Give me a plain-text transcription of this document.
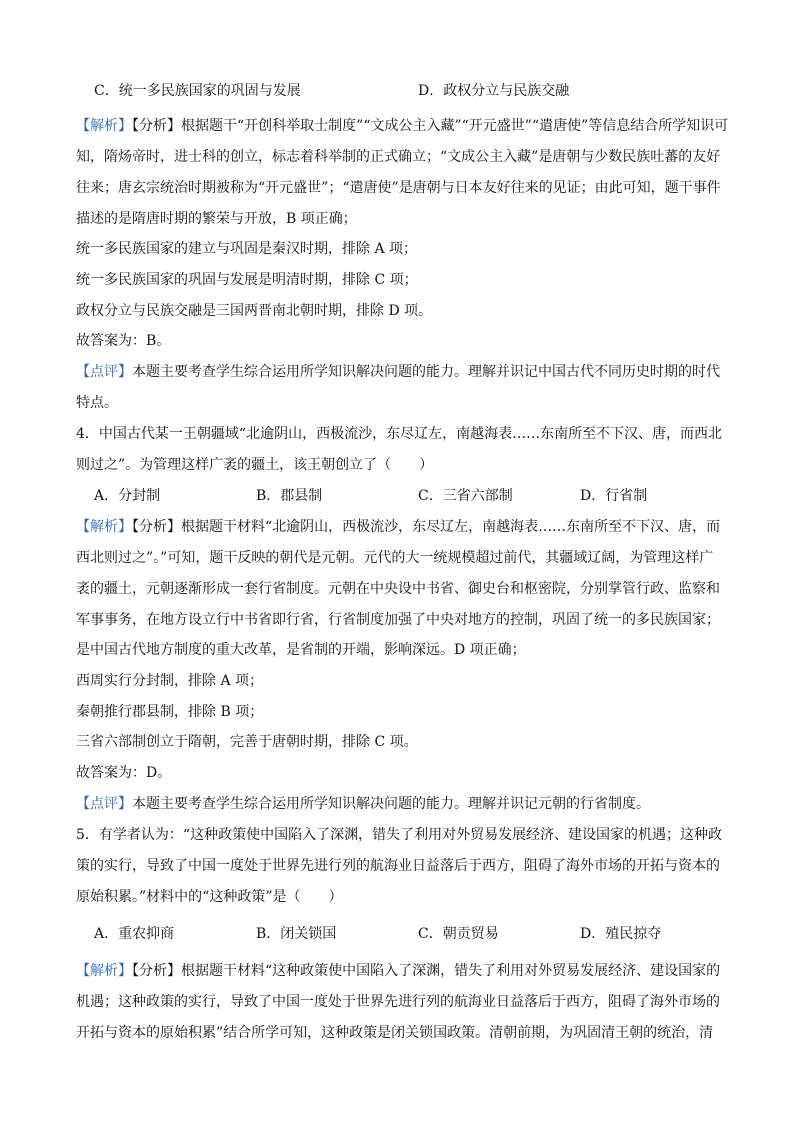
C．统一多民族国家的巩固与发展	D．政权分立与民族交融
【解析】【分析】根据题干“开创科举取士制度”“文成公主入藏”“开元盛世”“遣唐使”等信息结合所学知识可
知，隋炀帝时，进士科的创立，标志着科举制的正式确立；“文成公主入藏”是唐朝与少数民族吐蕃的友好
往来；唐玄宗统治时期被称为“开元盛世”；“遣唐使”是唐朝与日本友好往来的见证；由此可知，题干事件
描述的是隋唐时期的繁荣与开放，B 项正确；
统一多民族国家的建立与巩固是秦汉时期，排除 A 项；
统一多民族国家的巩固与发展是明清时期，排除 C 项；
政权分立与民族交融是三国两晋南北朝时期，排除 D 项。
故答案为：B。
【点评】本题主要考查学生综合运用所学知识解决问题的能力。理解并识记中国古代不同历史时期的时代
特点。
4．中国古代某一王朝疆域“北逾阴山，西极流沙，东尽辽左，南越海表……东南所至不下汉、唐，而西北
则过之”。为管理这样广袤的疆土，该王朝创立了（　　）
A．分封制	B．郡县制	C．三省六部制	D．行省制
【解析】【分析】根据题干材料“北逾阴山，西极流沙，东尽辽左，南越海表……东南所至不下汉、唐，而
西北则过之”。”可知，题干反映的朝代是元朝。元代的大一统规模超过前代，其疆域辽阔，为管理这样广
袤的疆土，元朝逐渐形成一套行省制度。元朝在中央设中书省、御史台和枢密院，分别掌管行政、监察和
军事事务，在地方设立行中书省即行省，行省制度加强了中央对地方的控制，巩固了统一的多民族国家；
是中国古代地方制度的重大改革，是省制的开端，影响深远。D 项正确；
西周实行分封制，排除 A 项；
秦朝推行郡县制，排除 B 项；
三省六部制创立于隋朝，完善于唐朝时期，排除 C 项。
故答案为：D。
【点评】本题主要考查学生综合运用所学知识解决问题的能力。理解并识记元朝的行省制度。
5．有学者认为：“这种政策使中国陷入了深渊，错失了利用对外贸易发展经济、建设国家的机遇；这种政
策的实行，导致了中国一度处于世界先进行列的航海业日益落后于西方，阻碍了海外市场的开拓与资本的
原始积累。”材料中的“这种政策”是（　　）
A．重农抑商	B．闭关锁国	C．朝贡贸易	D．殖民掠夺
【解析】【分析】根据题干材料“这种政策使中国陷入了深渊，错失了利用对外贸易发展经济、建设国家的
机遇；这种政策的实行，导致了中国一度处于世界先进行列的航海业日益落后于西方，阻碍了海外市场的
开拓与资本的原始积累”结合所学可知，这种政策是闭关锁国政策。清朝前期，为巩固清王朝的统治，清
